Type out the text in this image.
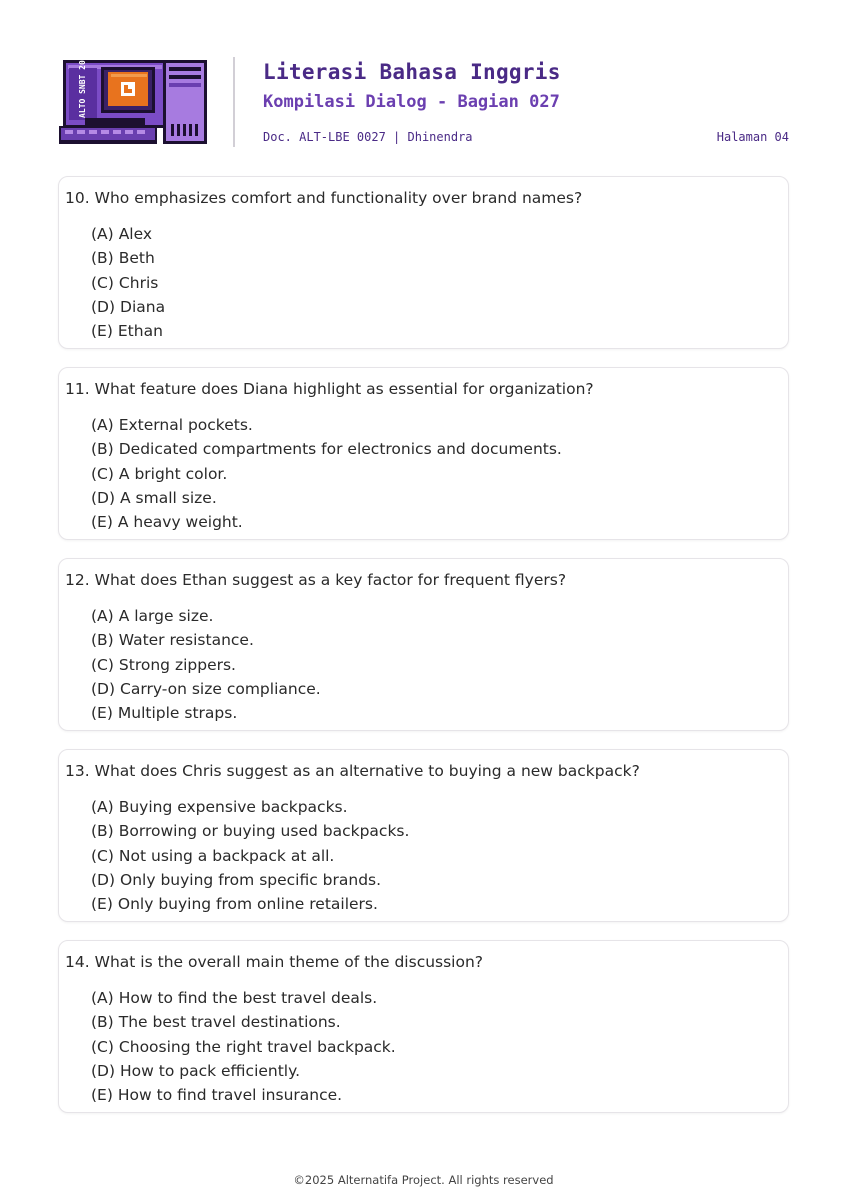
ALTO SNBT 2025	Literasi Bahasa Inggris
Kompilasi Dialog - Bagian 027
Doc. ALT-LBE 0027 | Dhinendra	Halaman 04
10. Who emphasizes comfort and functionality over brand names?
(A) Alex
(B) Beth
(C) Chris
(D) Diana
(E) Ethan
11. What feature does Diana highlight as essential for organization?
(A) External pockets.
(B) Dedicated compartments for electronics and documents.
(C) A bright color.
(D) A small size.
(E) A heavy weight.
12. What does Ethan suggest as a key factor for frequent flyers?
(A) A large size.
(B) Water resistance.
(C) Strong zippers.
(D) Carry-on size compliance.
(E) Multiple straps.
13. What does Chris suggest as an alternative to buying a new backpack?
(A) Buying expensive backpacks.
(B) Borrowing or buying used backpacks.
(C) Not using a backpack at all.
(D) Only buying from specific brands.
(E) Only buying from online retailers.
14. What is the overall main theme of the discussion?
(A) How to find the best travel deals.
(B) The best travel destinations.
(C) Choosing the right travel backpack.
(D) How to pack efficiently.
(E) How to find travel insurance.
©2025 Alternatifa Project. All rights reserved
